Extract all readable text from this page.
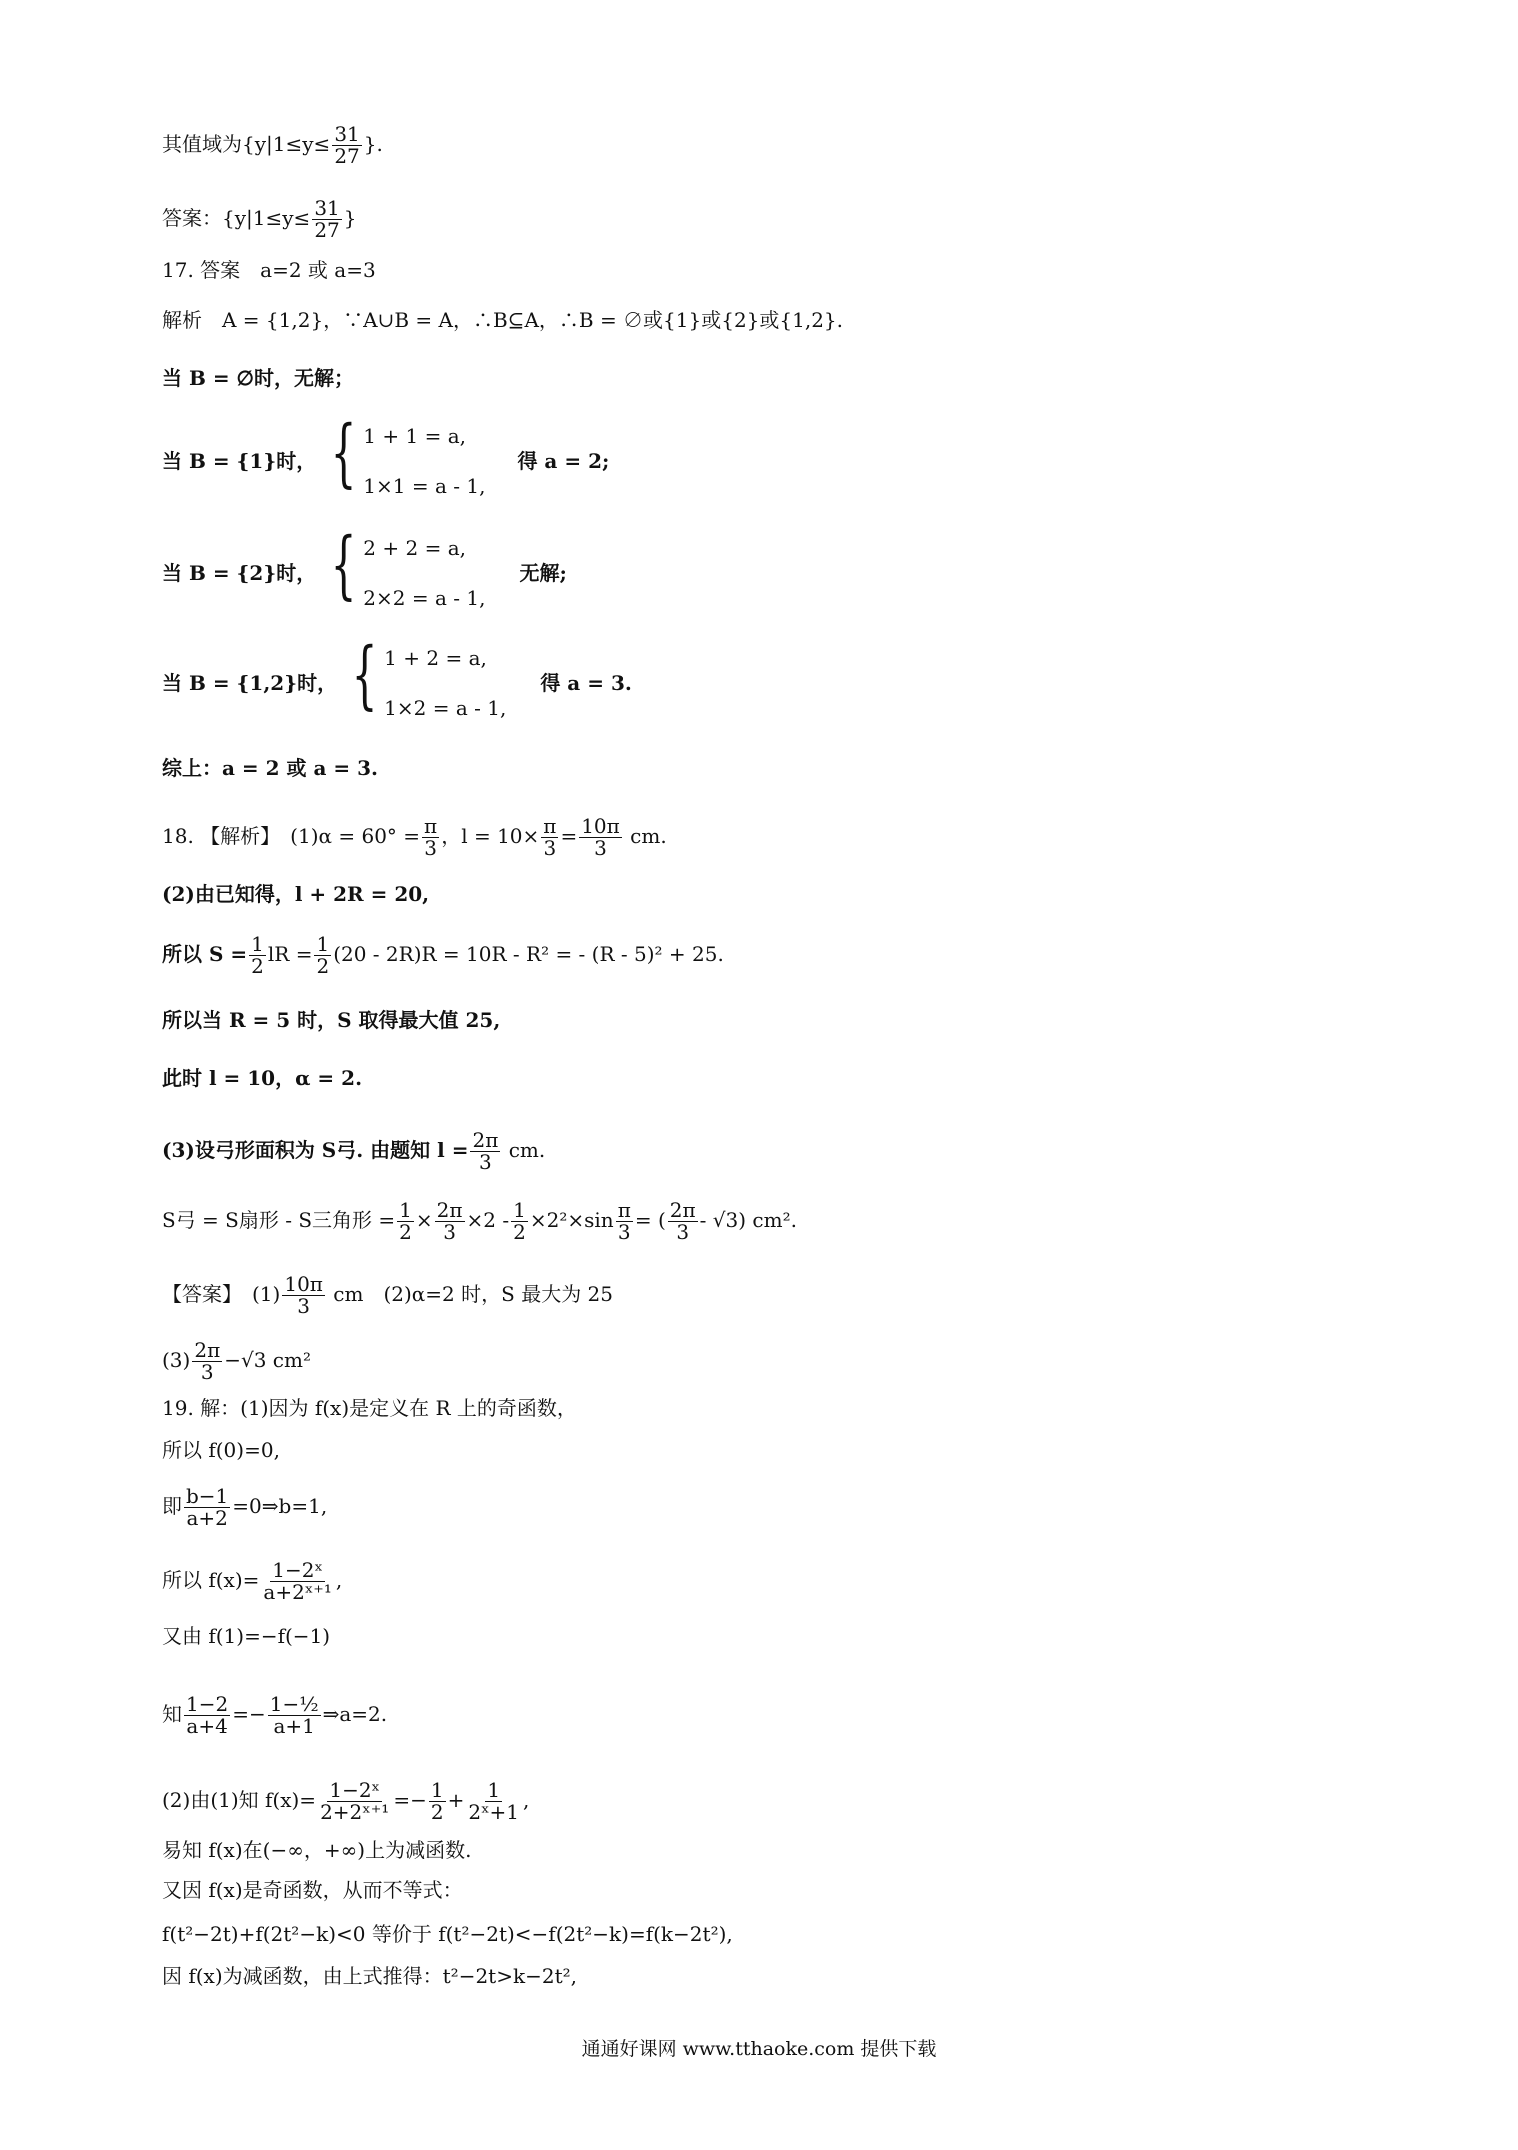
其值域为{$y|1\le y\le \frac{31}{27}$ }.
答案：{$y|1\le y\le \frac{31}{27}$ }
17. 答案　a=2 或 a=3
解析　A = {1,2}，∵A∪B = A，∴B⊆A，∴B = ∅或{1}或{2}或{1,2}.
当 B = ∅时，无解；
当 B = {1}时， { 1 + 1 = a,
1×1 = a - 1,
得 a = 2;
当 B = {2}时， { 2 + 2 = a,
2×2 = a - 1,
无解;
当 B = {1,2}时， { 1 + 2 = a,
1×2 = a - 1,
得 a = 3.
综上：a = 2 或 a = 3.
18. 【解析】　$(1)\alpha = 60^\circ = \frac{\pi}{3}$ ，$l = 10\times \frac{\pi}{3} = \frac{10\pi}{3}$ cm.
(2)由已知得，l + 2R = 20,
所以 $S = \frac{1}{2}$ lR = $\frac{1}{2} (20 - 2R)R = 10R - R^2$ = - (R - 5)² + 25.
所以当 R = 5 时，S 取得最大值 25,
此时 l = 10，α = 2.
(3)设弓形面积为 S弓. 由题知 $l = \frac{2\pi}{3}$ cm.
S弓 = S扇形 - S三角形 = $\frac{1}{2} \times \frac{2\pi}{3} \times 2 - \frac{1}{2} \times 2^2\times\sin \frac{\pi}{3}$ = ( $\frac{2\pi}{3} - √3$) cm².
【答案】　$(1) \frac{10\pi}{3}$ cm　(2)α=2 时，S 最大为 25
$(3) \frac{2\pi}{3} -√3$ cm²
19. 解：(1)因为 f(x)是定义在 R 上的奇函数，
所以 f(0)=0,
即 $\frac{b-1}{a+2}$ =0⇒b=1,
所以 $f(x)= \frac{\text{1−2ˣ}}{\text{a+2ˣ⁺¹}}$ ,
又由 f(1)=−f(−1)
知 $\frac{1-2}{a+4} =- \frac{\text{1−½}}{a+1}$ ⇒a=2.
(2)由(1)知 $f(x)= \frac{\text{1−2ˣ}}{\text{2+2ˣ⁺¹}} =- \frac{1}{2} + \frac{1}{\text{2ˣ+1}}$ ,
易知 f(x)在(−∞，+∞)上为减函数.
又因 f(x)是奇函数，从而不等式：
f(t²−2t)+f(2t²−k)<0 等价于 f(t²−2t)<−f(2t²−k)=f(k−2t²),
因 f(x)为减函数，由上式推得：t²−2t>k−2t²,
通通好课网 www.tthaoke.com 提供下载
